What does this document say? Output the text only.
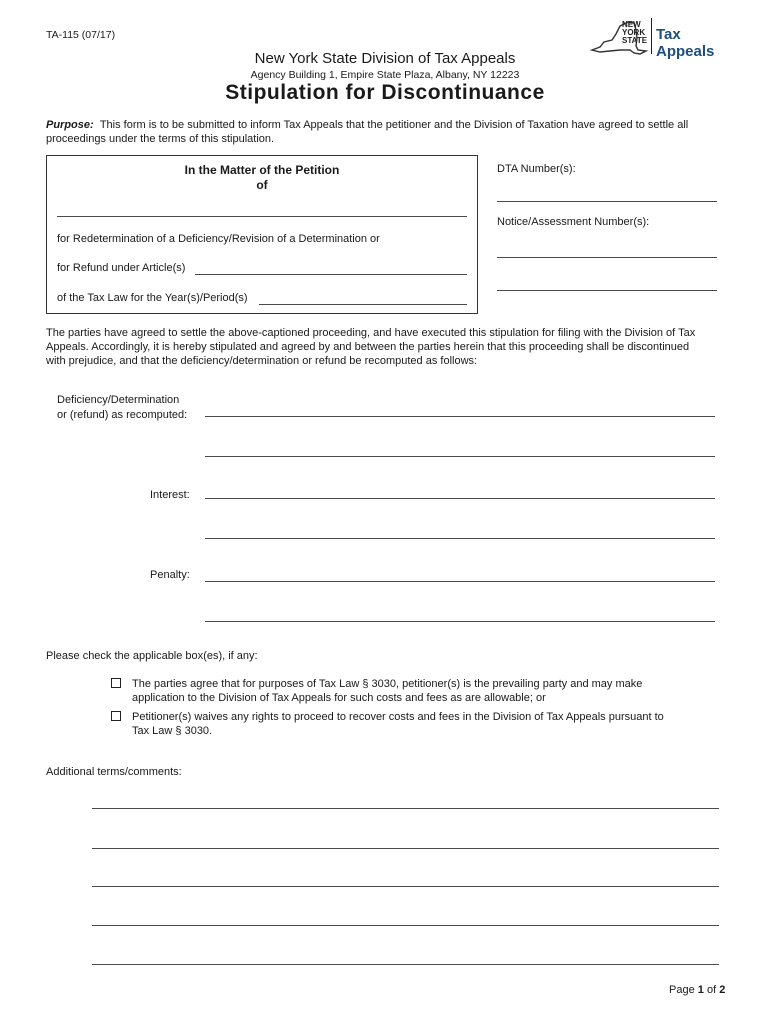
TA-115 (07/17)
NEW
YORK
STATE Tax Appeals
New York State Division of Tax Appeals
Agency Building 1, Empire State Plaza, Albany, NY 12223
Stipulation for Discontinuance
Purpose: This form is to be submitted to inform Tax Appeals that the petitioner and the Division of Taxation have agreed to settle all
proceedings under the terms of this stipulation.
In the Matter of the Petition
of
for Redetermination of a Deficiency/Revision of a Determination or
for Refund under Article(s)
of the Tax Law for the Year(s)/Period(s)
DTA Number(s):
Notice/Assessment Number(s):
The parties have agreed to settle the above-captioned proceeding, and have executed this stipulation for filing with the Division of Tax
Appeals. Accordingly, it is hereby stipulated and agreed by and between the parties herein that this proceeding shall be discontinued
with prejudice, and that the deficiency/determination or refund be recomputed as follows:
Deficiency/Determination
or (refund) as recomputed:
Interest:
Penalty:
Please check the applicable box(es), if any:
The parties agree that for purposes of Tax Law § 3030, petitioner(s) is the prevailing party and may make
application to the Division of Tax Appeals for such costs and fees as are allowable; or
Petitioner(s) waives any rights to proceed to recover costs and fees in the Division of Tax Appeals pursuant to
Tax Law § 3030.
Additional terms/comments:
Page 1 of 2
